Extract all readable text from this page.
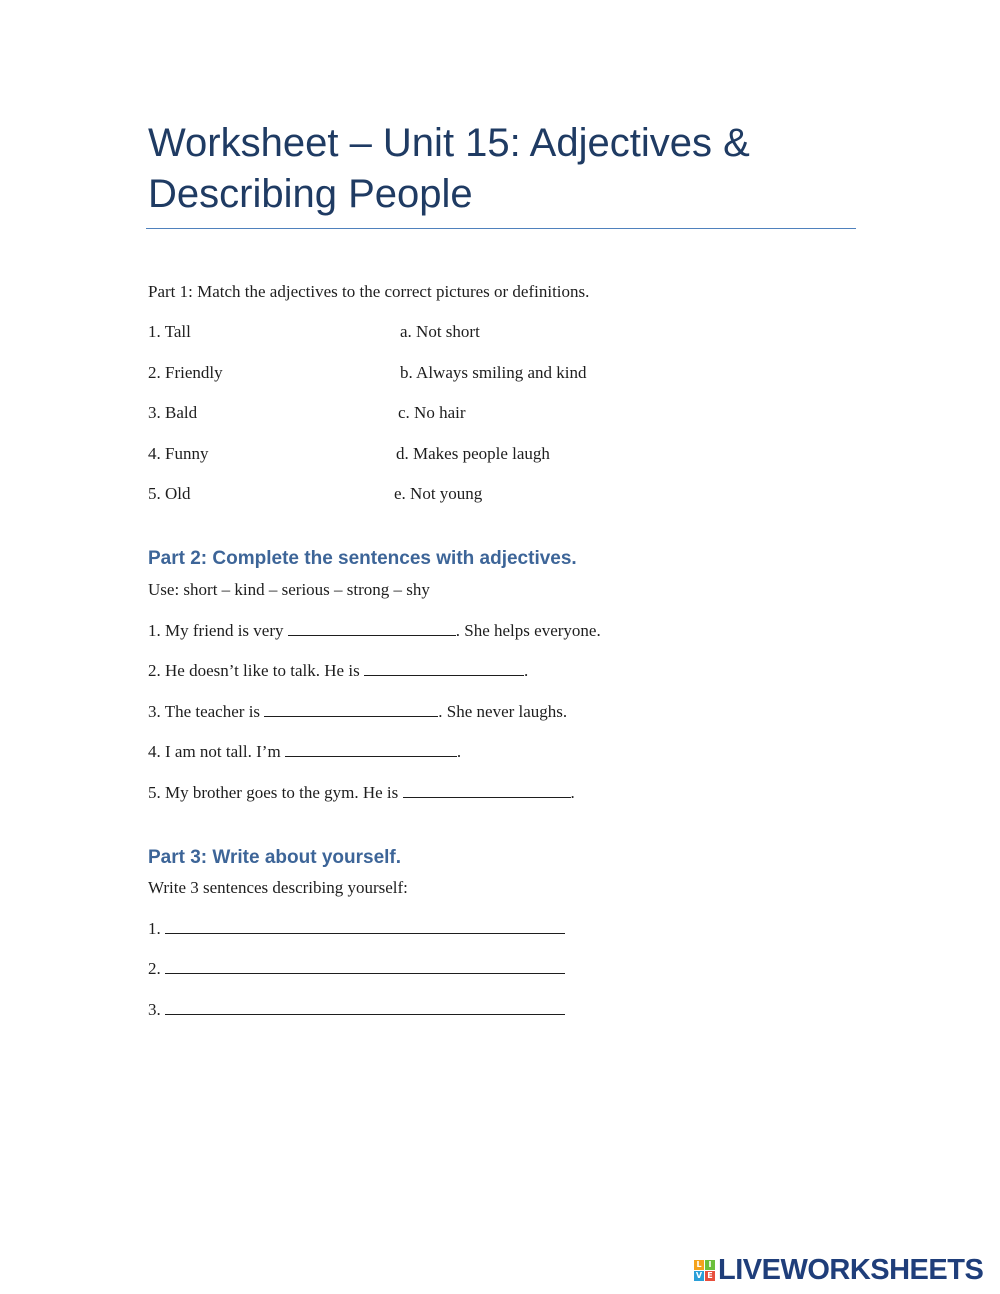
Worksheet – Unit 15: Adjectives &
Describing People
Part 1: Match the adjectives to the correct pictures or definitions.
1. Tall	a. Not short
2. Friendly	b. Always smiling and kind
3. Bald	c. No hair
4. Funny	d. Makes people laugh
5. Old	e. Not young
Part 2: Complete the sentences with adjectives.
Use: short – kind – serious – strong – shy
1. My friend is very	. She helps everyone.
2. He doesn’t like to talk. He is	.
3. The teacher is	. She never laughs.
4. I am not tall. I’m	.
5. My brother goes to the gym. He is	.
Part 3: Write about yourself.
Write 3 sentences describing yourself:
1.
2.
3.
L I
V E LIVEWORKSHEETS
